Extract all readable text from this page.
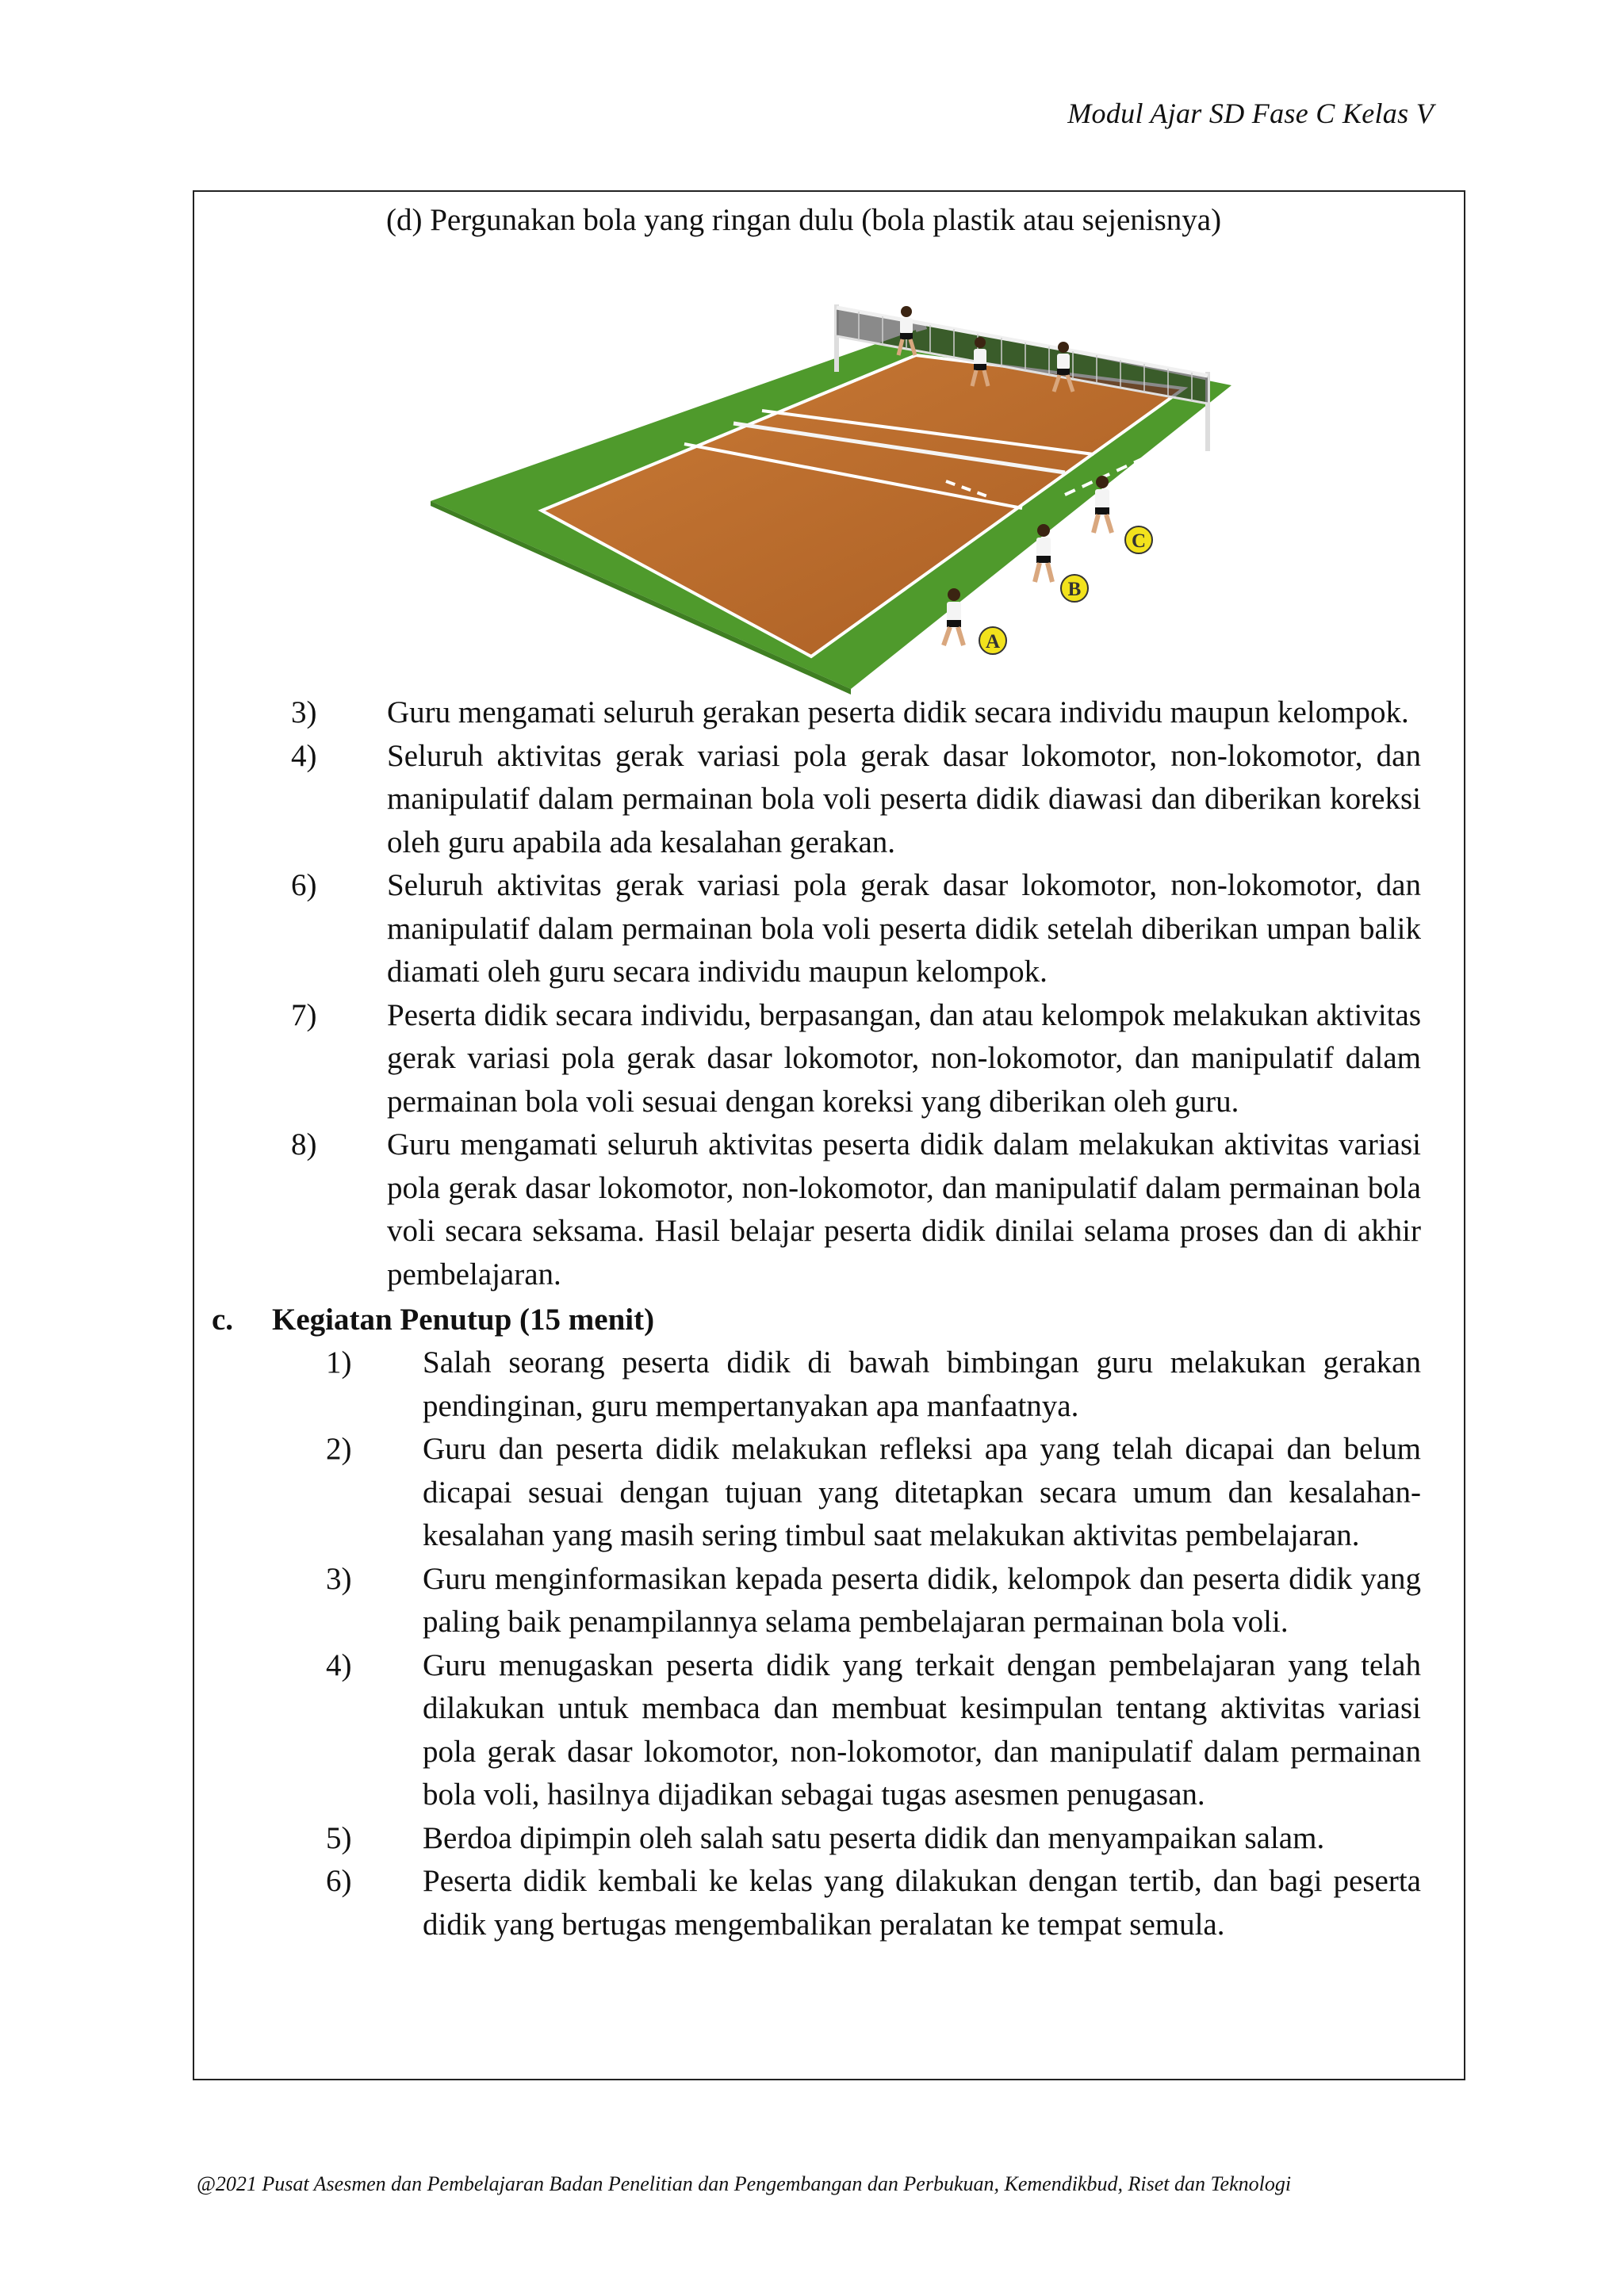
Modul Ajar SD Fase C Kelas V
(d) Pergunakan bola yang ringan dulu (bola plastik atau sejenisnya)
C
B
A
3) Guru mengamati seluruh gerakan peserta didik secara individu maupun kelompok.
4) Seluruh aktivitas gerak variasi pola gerak dasar lokomotor, non-lokomotor, dan manipulatif dalam permainan bola voli peserta didik diawasi dan diberikan koreksi oleh guru apabila ada kesalahan gerakan.
6) Seluruh aktivitas gerak variasi pola gerak dasar lokomotor, non-lokomotor, dan manipulatif dalam permainan bola voli peserta didik setelah diberikan umpan balik diamati oleh guru secara individu maupun kelompok.
7) Peserta didik secara individu, berpasangan, dan atau kelompok melakukan aktivitas gerak variasi pola gerak dasar lokomotor, non-lokomotor, dan manipulatif dalam permainan bola voli sesuai dengan koreksi yang diberikan oleh guru.
8) Guru mengamati seluruh aktivitas peserta didik dalam melakukan aktivitas variasi pola gerak dasar lokomotor, non-lokomotor, dan manipulatif dalam permainan bola voli secara seksama. Hasil belajar peserta didik dinilai selama proses dan di akhir pembelajaran.
c. Kegiatan Penutup (15 menit)
1) Salah seorang peserta didik di bawah bimbingan guru melakukan gerakan pendinginan, guru mempertanyakan apa manfaatnya.
2) Guru dan peserta didik melakukan refleksi apa yang telah dicapai dan belum dicapai sesuai dengan tujuan yang ditetapkan secara umum dan kesalahan-kesalahan yang masih sering timbul saat melakukan aktivitas pembelajaran.
3) Guru menginformasikan kepada peserta didik, kelompok dan peserta didik yang paling baik penampilannya selama pembelajaran permainan bola voli.
4) Guru menugaskan peserta didik yang terkait dengan pembelajaran yang telah dilakukan untuk membaca dan membuat kesimpulan tentang aktivitas variasi pola gerak dasar lokomotor, non-lokomotor, dan manipulatif dalam permainan bola voli, hasilnya dijadikan sebagai tugas asesmen penugasan.
5) Berdoa dipimpin oleh salah satu peserta didik dan menyampaikan salam.
6) Peserta didik kembali ke kelas yang dilakukan dengan tertib, dan bagi peserta didik yang bertugas mengembalikan peralatan ke tempat semula.
@2021 Pusat Asesmen dan Pembelajaran Badan Penelitian dan Pengembangan dan Perbukuan, Kemendikbud, Riset dan Teknologi
